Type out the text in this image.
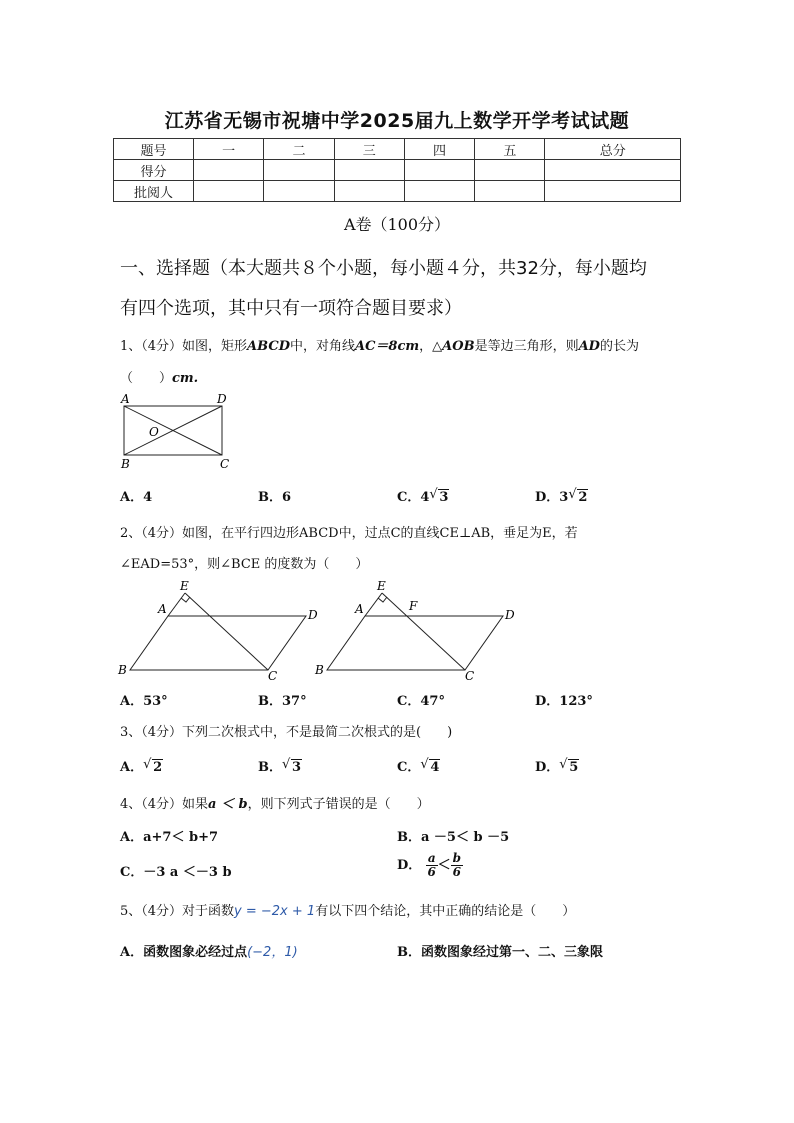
江苏省无锡市祝塘中学2025届九上数学开学考试试题
题号	一	二	三	四	五	总分
得分						
批阅人						
A卷（100分）
一、选择题（本大题共８个小题，每小题４分，共32分，每小题均
有四个选项，其中只有一项符合题目要求）
1、（4分）如图，矩形ABCD中，对角线AC＝8cm，△AOB是等边三角形，则AD的长为
（　　）cm.
A	D
O
B	C
A．4	B．6	C．4 √ 3	D．3 √ 2
2、（4分）如图，在平行四边形ABCD中，过点C的直线CE⊥AB，垂足为E，若
∠EAD=53°，则∠BCE 的度数为（　　）
E
A	D
B	C
E
F
A	D
B	C
A．53°	B．37°	C．47°	D．123°
3、（4分）下列二次根式中，不是最简二次根式的是(　　)
A． √ 2	B． √ 3	C． √ 4	D． √ 5
4、（4分）如果a ＜ b，则下列式子错误的是（　　）
A．a+7＜ b+7	B．a －5＜ b －5
C．－3 a ＜－3 b	D． $\frac{a}{6} < \frac{b}{6}$
5、（4分）对于函数y = −2x + 1有以下四个结论，其中正确的结论是（　　）
A．函数图象必经过点(−2，1)	B．函数图象经过第一、二、三象限
